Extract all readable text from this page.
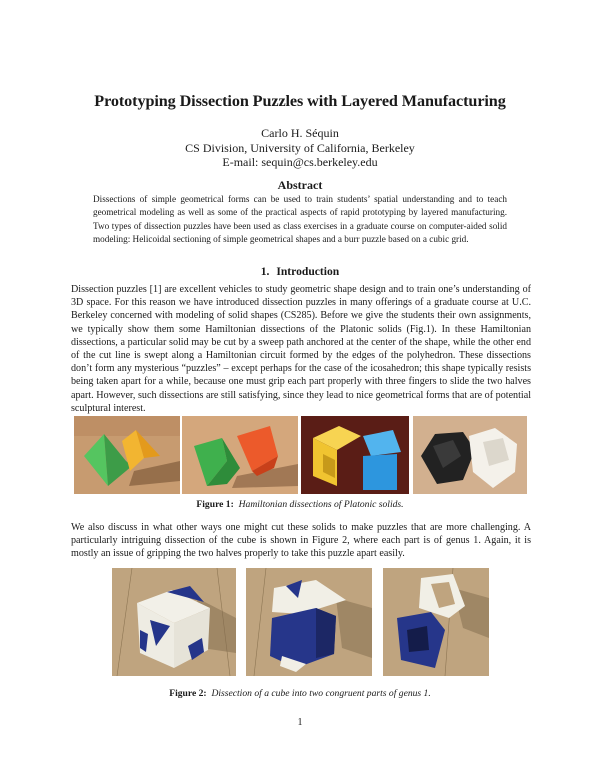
Prototyping Dissection Puzzles with Layered Manufacturing
Carlo H. Séquin
CS Division, University of California, Berkeley
E-mail: sequin@cs.berkeley.edu
Abstract
Dissections of simple geometrical forms can be used to train students’ spatial understanding and to teach geometrical modeling as well as some of the practical aspects of rapid prototyping by layered manufacturing. Two types of dissection puzzles have been used as class exercises in a graduate course on computer-aided solid modeling: Helicoidal sectioning of simple geometrical shapes and a burr puzzle based on a cubic grid.
1. Introduction
Dissection puzzles [1] are excellent vehicles to study geometric shape design and to train one’s understanding of 3D space. For this reason we have introduced dissection puzzles in many offerings of a graduate course at U.C. Berkeley concerned with modeling of solid shapes (CS285). Before we give the students their own assignments, we typically show them some Hamiltonian dissections of the Platonic solids (Fig.1). In these Hamiltonian dissections, a particular solid may be cut by a sweep path anchored at the center of the shape, while the other end of the cut line is swept along a Hamiltonian circuit formed by the edges of the polyhedron. These dissections don’t form any mysterious “puzzles” – except perhaps for the case of the icosahedron; this shape typically resists being taken apart for a while, because one must grip each part properly with three fingers to slide the two halves apart. However, such dissections are still satisfying, since they lead to nice geometrical forms that are of potential sculptural interest.
Figure 1: Hamiltonian dissections of Platonic solids.
We also discuss in what other ways one might cut these solids to make puzzles that are more challenging. A particularly intriguing dissection of the cube is shown in Figure 2, where each part is of genus 1. Again, it is mostly an issue of gripping the two halves properly to take this puzzle apart easily.
Figure 2: Dissection of a cube into two congruent parts of genus 1.
1
